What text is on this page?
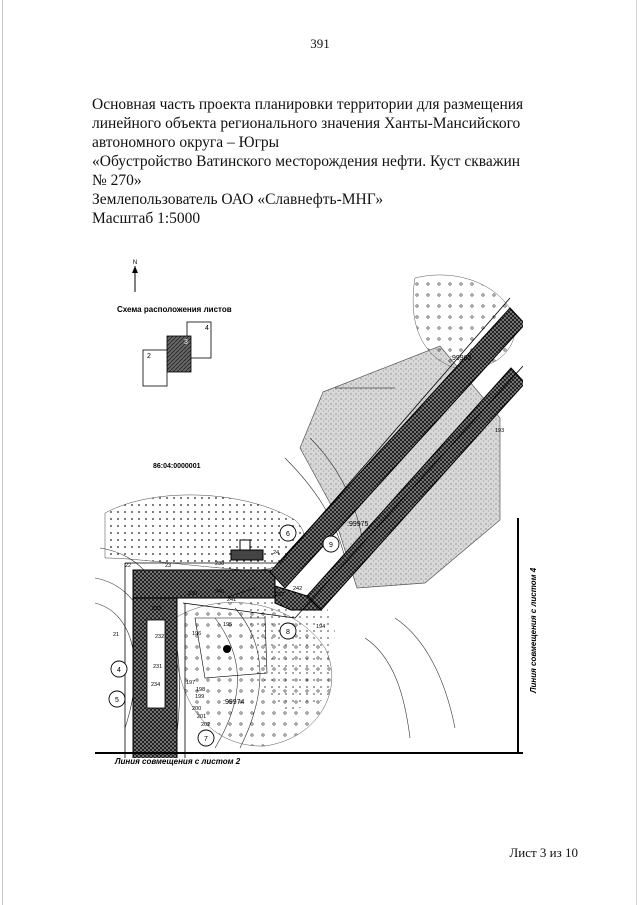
391
Основная часть проекта планировки территории для размещения
линейного объекта регионального значения Ханты-Мансийского
автономного округа – Югры
«Обустройство Ватинского месторождения нефти. Куст скважин
№ 270»
Землепользователь ОАО «Славнефть-МНГ»
Масштаб 1:5000
N
Схема расположения листов
4
3
2
86:04:0000001
:99962
:99975
:99974
6
9
8
4
5
7
193
24
242
237
194
238
22	23
239	240
241
233
232
231
234
21	196
195
197
198
199
200
201
202
Линия совмещения с листом 2
Линия совмещения с листом 4
Лист 3 из 10
